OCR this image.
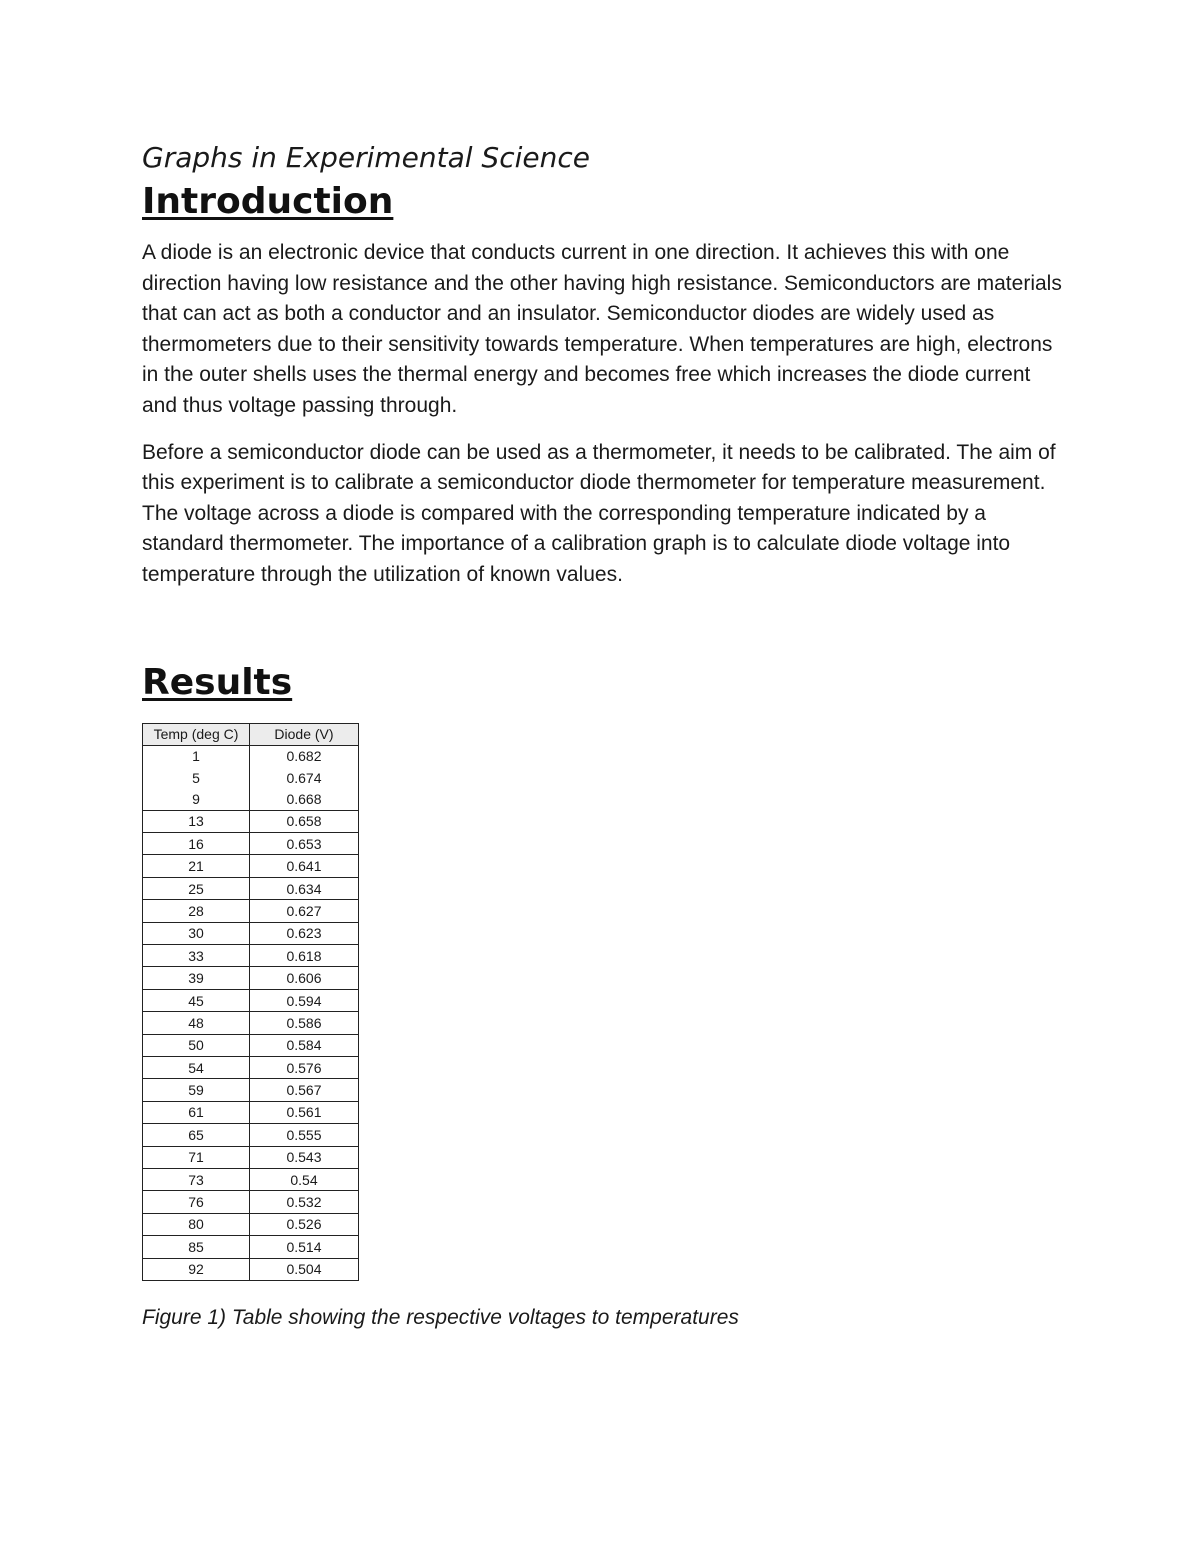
Graphs in Experimental Science

Introduction

A diode is an electronic device that conducts current in one direction. It achieves this with one direction having low resistance and the other having high resistance. Semiconductors are materials that can act as both a conductor and an insulator. Semiconductor diodes are widely used as thermometers due to their sensitivity towards temperature. When temperatures are high, electrons in the outer shells uses the thermal energy and becomes free which increases the diode current and thus voltage passing through.

Before a semiconductor diode can be used as a thermometer, it needs to be calibrated. The aim of this experiment is to calibrate a semiconductor diode thermometer for temperature measurement. The voltage across a diode is compared with the corresponding temperature indicated by a standard thermometer. The importance of a calibration graph is to calculate diode voltage into temperature through the utilization of known values.

Results
Temp (deg C)	Diode (V)
1	0.682
5	0.674
9	0.668
13	0.658
16	0.653
21	0.641
25	0.634
28	0.627
30	0.623
33	0.618
39	0.606
45	0.594
48	0.586
50	0.584
54	0.576
59	0.567
61	0.561
65	0.555
71	0.543
73	0.54
76	0.532
80	0.526
85	0.514
92	0.504

Figure 1) Table showing the respective voltages to temperatures
